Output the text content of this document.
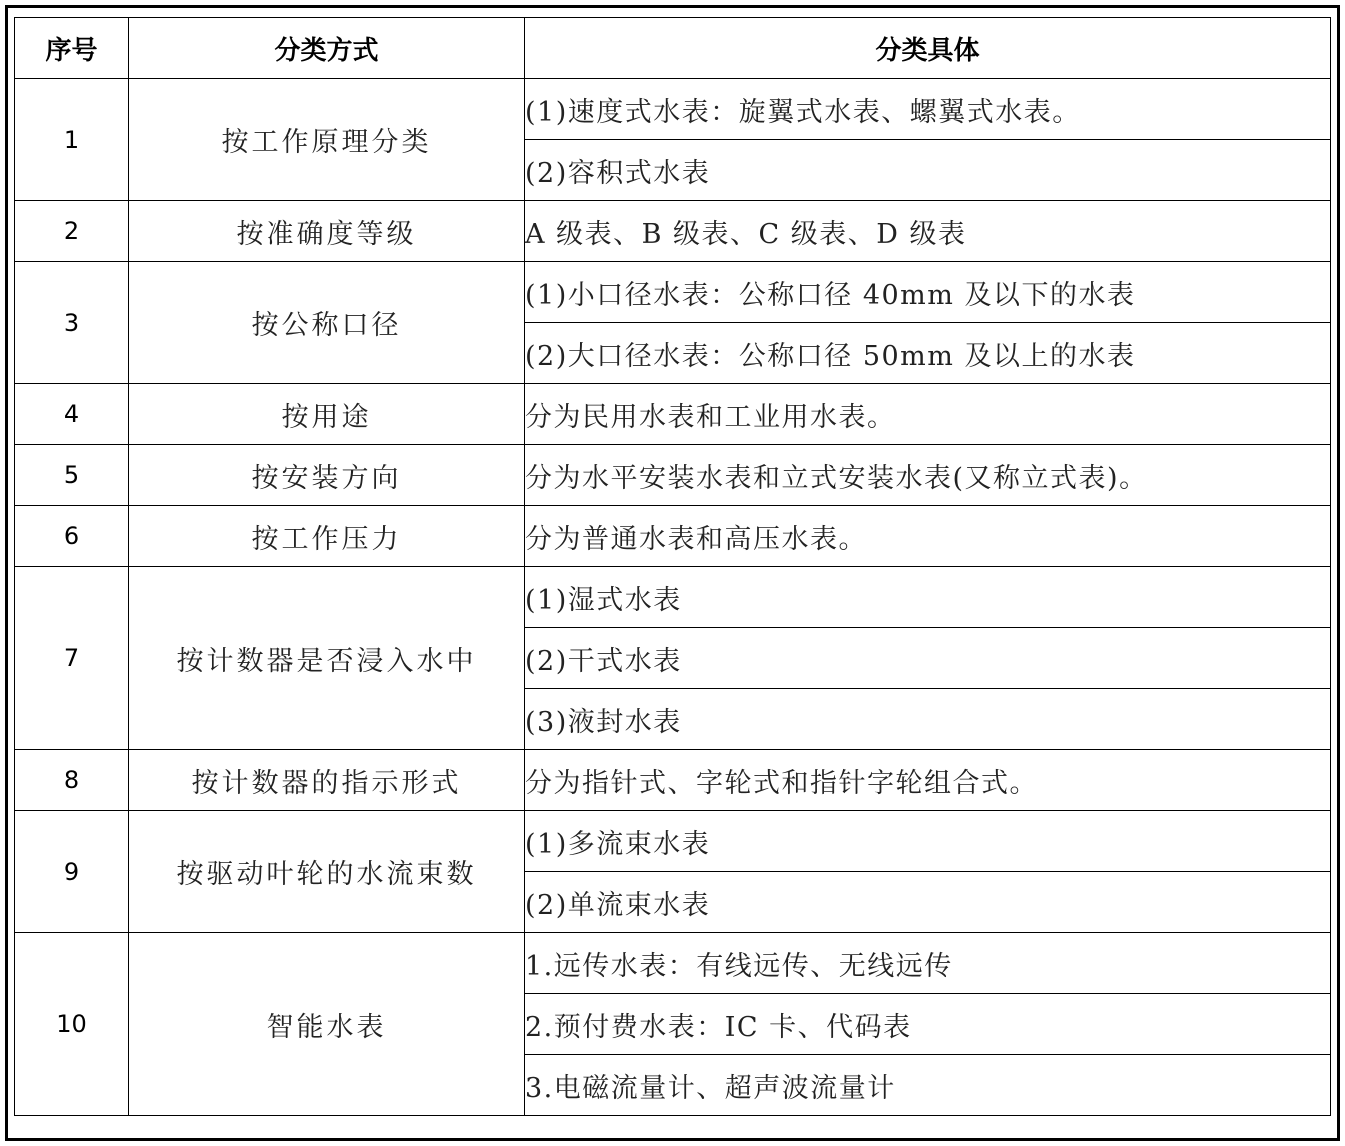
序号	分类方式	分类具体
1	按工作原理分类	(1)速度式水表：旋翼式水表、螺翼式水表。
		(2)容积式水表
2	按准确度等级	A 级表、B 级表、C 级表、D 级表
3	按公称口径	(1)小口径水表：公称口径 40mm 及以下的水表
		(2)大口径水表：公称口径 50mm 及以上的水表
4	按用途	分为民用水表和工业用水表。
5	按安装方向	分为水平安装水表和立式安装水表(又称立式表)。
6	按工作压力	分为普通水表和高压水表。
7	按计数器是否浸入水中	(1)湿式水表
		(2)干式水表
		(3)液封水表
8	按计数器的指示形式	分为指针式、字轮式和指针字轮组合式。
9	按驱动叶轮的水流束数	(1)多流束水表
		(2)单流束水表
10	智能水表	1.远传水表：有线远传、无线远传
		2.预付费水表：IC 卡、代码表
		3.电磁流量计、超声波流量计
